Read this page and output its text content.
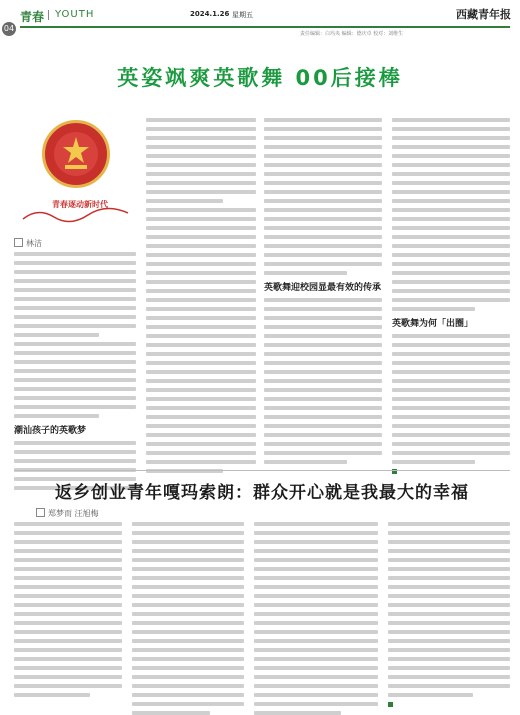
04
青春 YOUTH	2024.1.26 星期五	西藏青年报
责任编辑：白玛央 编辑：德庆卓 校对：刘维生
英姿飒爽英歌舞 00后接棒
青春逐动新时代
林洁
潮汕孩子的英歌梦
英歌舞迎校园显最有效的传承
英歌舞为何「出圈」
返乡创业青年嘎玛索朗：群众开心就是我最大的幸福
郑梦而 汪旭梅
